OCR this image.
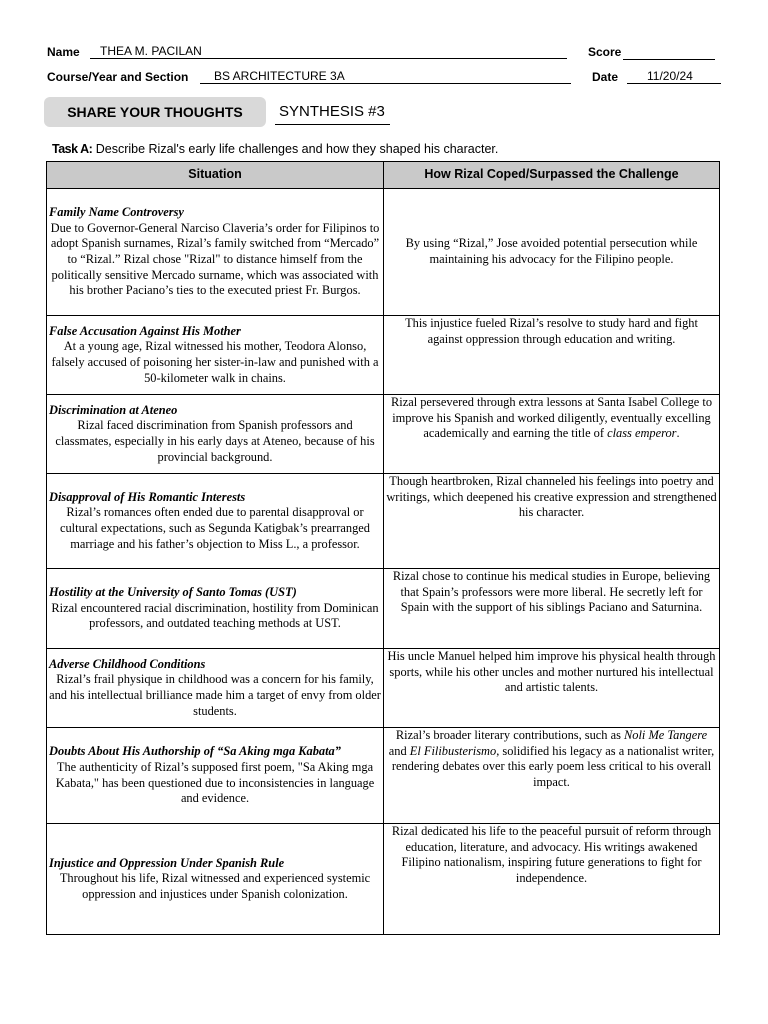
Name	THEA M. PACILAN	Score
Course/Year and Section	BS ARCHITECTURE 3A	Date	11/20/24
SHARE YOUR THOUGHTS	SYNTHESIS #3
Task A: Describe Rizal's early life challenges and how they shaped his character.
Situation	How Rizal Coped/Surpassed the Challenge

Family Name Controversy
Due to Governor-General Narciso Claveria’s order for Filipinos to adopt Spanish surnames, Rizal’s family switched from “Mercado” to “Rizal.” Rizal chose "Rizal" to distance himself from the politically sensitive Mercado surname, which was associated with his brother Paciano’s ties to the executed priest Fr. Burgos.	By using “Rizal,” Jose avoided potential persecution while maintaining his advocacy for the Filipino people.

False Accusation Against His Mother
At a young age, Rizal witnessed his mother, Teodora Alonso, falsely accused of poisoning her sister-in-law and punished with a 50-kilometer walk in chains.	This injustice fueled Rizal’s resolve to study hard and fight against oppression through education and writing.

Discrimination at Ateneo
Rizal faced discrimination from Spanish professors and classmates, especially in his early days at Ateneo, because of his provincial background.	Rizal persevered through extra lessons at Santa Isabel College to improve his Spanish and worked diligently, eventually excelling academically and earning the title of class emperor.

Disapproval of His Romantic Interests
Rizal’s romances often ended due to parental disapproval or cultural expectations, such as Segunda Katigbak’s prearranged marriage and his father’s objection to Miss L., a professor.	Though heartbroken, Rizal channeled his feelings into poetry and writings, which deepened his creative expression and strengthened his character.

Hostility at the University of Santo Tomas (UST)
Rizal encountered racial discrimination, hostility from Dominican professors, and outdated teaching methods at UST.	Rizal chose to continue his medical studies in Europe, believing that Spain’s professors were more liberal. He secretly left for Spain with the support of his siblings Paciano and Saturnina.

Adverse Childhood Conditions
Rizal’s frail physique in childhood was a concern for his family, and his intellectual brilliance made him a target of envy from older students.	His uncle Manuel helped him improve his physical health through sports, while his other uncles and mother nurtured his intellectual and artistic talents.

Doubts About His Authorship of “Sa Aking mga Kabata”
The authenticity of Rizal’s supposed first poem, "Sa Aking mga Kabata," has been questioned due to inconsistencies in language and evidence.	Rizal’s broader literary contributions, such as Noli Me Tangere and El Filibusterismo, solidified his legacy as a nationalist writer, rendering debates over this early poem less critical to his overall impact.

Injustice and Oppression Under Spanish Rule
Throughout his life, Rizal witnessed and experienced systemic oppression and injustices under Spanish colonization.	Rizal dedicated his life to the peaceful pursuit of reform through education, literature, and advocacy. His writings awakened Filipino nationalism, inspiring future generations to fight for independence.
